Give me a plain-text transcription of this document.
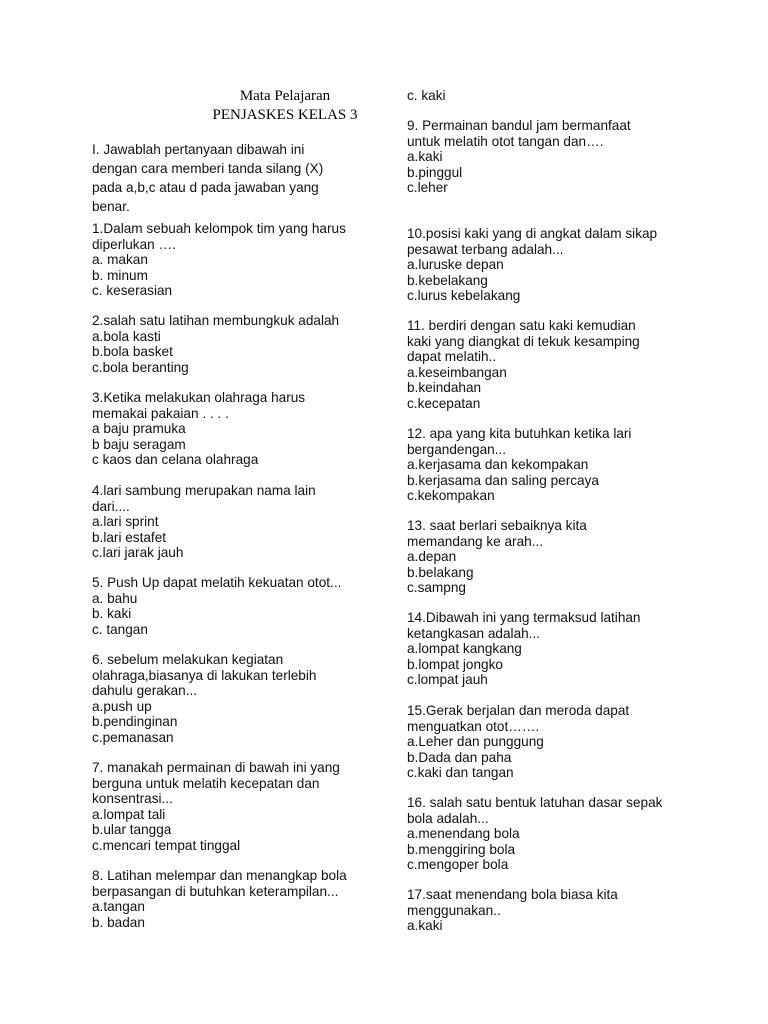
Mata Pelajaran
PENJASKES KELAS 3
I. Jawablah pertanyaan dibawah ini
dengan cara memberi tanda silang (X)
pada a,b,c atau d pada jawaban yang
benar.
1.Dalam sebuah kelompok tim yang harus
diperlukan ….
a. makan
b. minum
c. keserasian
2.salah satu latihan membungkuk adalah
a.bola kasti
b.bola basket
c.bola beranting
3.Ketika melakukan olahraga harus
memakai pakaian . . . .
a baju pramuka
b baju seragam
c kaos dan celana olahraga
4.lari sambung merupakan nama lain
dari....
a.lari sprint
b.lari estafet
c.lari jarak jauh
5. Push Up dapat melatih kekuatan otot...
a. bahu
b. kaki
c. tangan
6. sebelum melakukan kegiatan
olahraga,biasanya di lakukan terlebih
dahulu gerakan...
a.push up
b.pendinginan
c.pemanasan
7. manakah permainan di bawah ini yang
berguna untuk melatih kecepatan dan
konsentrasi...
a.lompat tali
b.ular tangga
c.mencari tempat tinggal
8. Latihan melempar dan menangkap bola
berpasangan di butuhkan keterampilan...
a.tangan
b. badan
c. kaki
9. Permainan bandul jam bermanfaat
untuk melatih otot tangan dan….
a.kaki
b.pinggul
c.leher
10.posisi kaki yang di angkat dalam sikap
pesawat terbang adalah...
a.luruske depan
b.kebelakang
c.lurus kebelakang
11. berdiri dengan satu kaki kemudian
kaki yang diangkat di tekuk kesamping
dapat melatih..
a.keseimbangan
b.keindahan
c.kecepatan
12. apa yang kita butuhkan ketika lari
bergandengan...
a.kerjasama dan kekompakan
b.kerjasama dan saling percaya
c.kekompakan
13. saat berlari sebaiknya kita
memandang ke arah...
a.depan
b.belakang
c.sampng
14.Dibawah ini yang termaksud latihan
ketangkasan adalah...
a.lompat kangkang
b.lompat jongko
c.lompat jauh
15.Gerak berjalan dan meroda dapat
menguatkan otot…….
a.Leher dan punggung
b.Dada dan paha
c.kaki dan tangan
16. salah satu bentuk latuhan dasar sepak
bola adalah...
a.menendang bola
b.menggiring bola
c.mengoper bola
17.saat menendang bola biasa kita
menggunakan..
a.kaki
